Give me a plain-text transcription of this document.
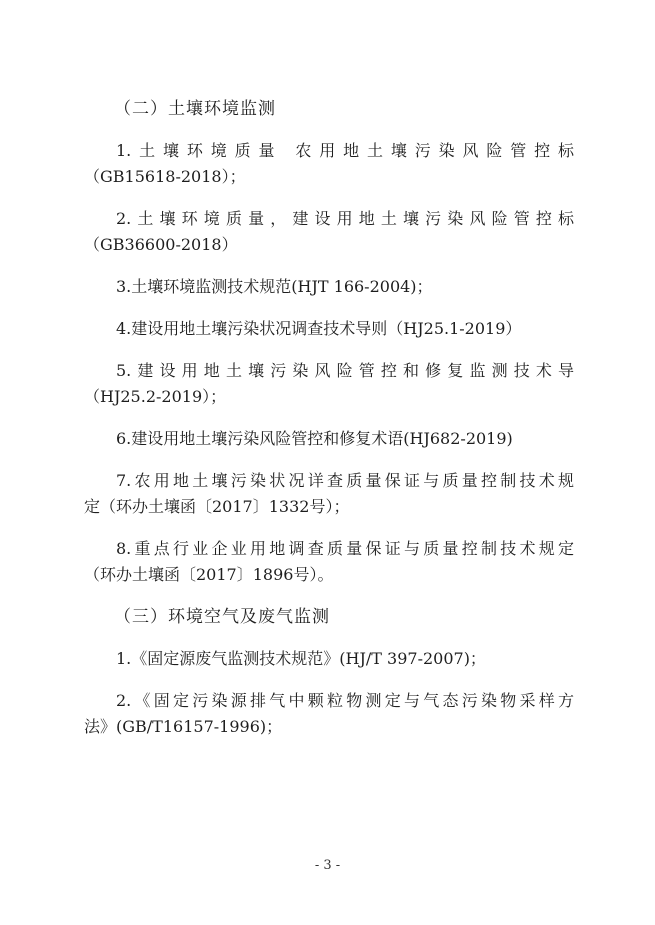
（二）土壤环境监测
1.土壤环境质量 农用地土壤污染风险管控标
（GB15618-2018）；
2.土壤环境质量，建设用地土壤污染风险管控标
（GB36600-2018）
3.土壤环境监测技术规范(HJT 166-2004)；
4.建设用地土壤污染状况调查技术导则（HJ25.1-2019）
5.建设用地土壤污染风险管控和修复监测技术导
（HJ25.2-2019）；
6.建设用地土壤污染风险管控和修复术语(HJ682-2019)
7.农用地土壤污染状况详查质量保证与质量控制技术规
定（环办土壤函〔2017〕1332号）；
8.重点行业企业用地调查质量保证与质量控制技术规定
（环办土壤函〔2017〕1896号）。
（三）环境空气及废气监测
1.《固定源废气监测技术规范》(HJ/T 397-2007)；
2.《固定污染源排气中颗粒物测定与气态污染物采样方
法》(GB/T16157-1996)；
- 3 -
